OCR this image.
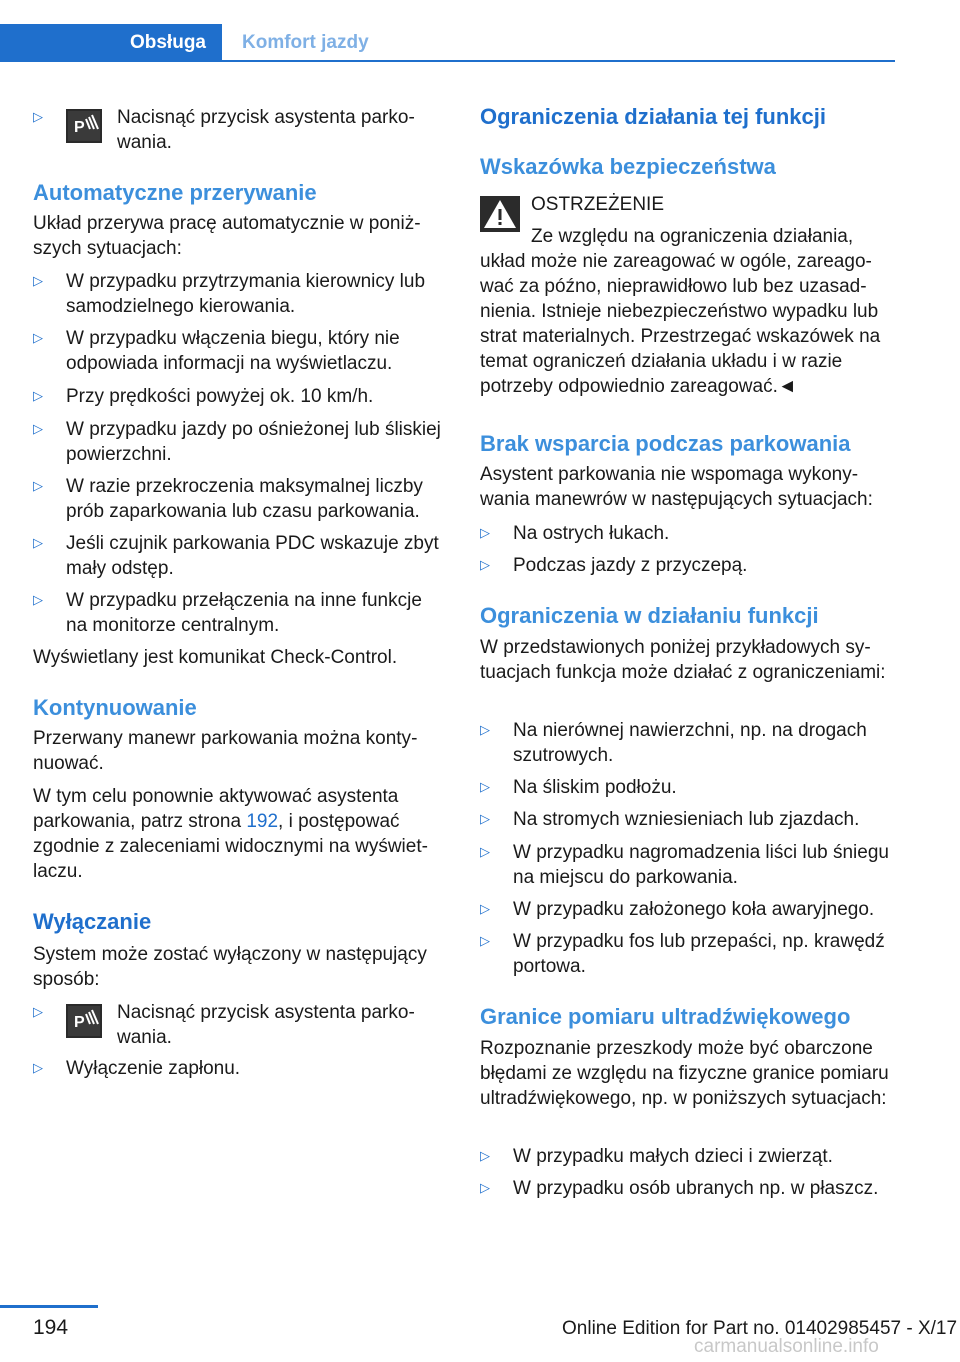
Obsługa	Komfort jazdy
▷
P Nacisnąć przycisk asystenta parkowania.
Automatyczne przerywanie
Układ przerywa pracę automatycznie w poniższych sytuacjach:
▷ W przypadku przytrzymania kierownicy lub samodzielnego kierowania.
▷ W przypadku włączenia biegu, który nie odpowiada informacji na wyświetlaczu.
▷ Przy prędkości powyżej ok. 10 km/h.
▷ W przypadku jazdy po ośnieżonej lub śliskiej powierzchni.
▷ W razie przekroczenia maksymalnej liczby prób zaparkowania lub czasu parkowania.
▷ Jeśli czujnik parkowania PDC wskazuje zbyt mały odstęp.
▷ W przypadku przełączenia na inne funkcje na monitorze centralnym.
Wyświetlany jest komunikat Check-Control.
Kontynuowanie
Przerwany manewr parkowania można kontynuować.
W tym celu ponownie aktywować asystenta parkowania, patrz strona 192, i postępować zgodnie z zaleceniami widocznymi na wyświetlaczu.
Wyłączanie
System może zostać wyłączony w następujący sposób:
▷
P Nacisnąć przycisk asystenta parkowania.
▷ Wyłączenie zapłonu.
Ograniczenia działania tej funkcji
Wskazówka bezpieczeństwa
OSTRZEŻENIE
Ze względu na ograniczenia działania,
układ może nie zareagować w ogóle, zareagować za późno, nieprawidłowo lub bez uzasadnienia. Istnieje niebezpieczeństwo wypadku lub strat materialnych. Przestrzegać wskazówek na temat ograniczeń działania układu i w razie potrzeby odpowiednio zareagować.◄
Brak wsparcia podczas parkowania
Asystent parkowania nie wspomaga wykonywania manewrów w następujących sytuacjach:
▷ Na ostrych łukach.
▷ Podczas jazdy z przyczepą.
Ograniczenia w działaniu funkcji
W przedstawionych poniżej przykładowych sytuacjach funkcja może działać z ograniczeniami:
▷ Na nierównej nawierzchni, np. na drogach szutrowych.
▷ Na śliskim podłożu.
▷ Na stromych wzniesieniach lub zjazdach.
▷ W przypadku nagromadzenia liści lub śniegu na miejscu do parkowania.
▷ W przypadku założonego koła awaryjnego.
▷ W przypadku fos lub przepaści, np. krawędź portowa.
Granice pomiaru ultradźwiękowego
Rozpoznanie przeszkody może być obarczone błędami ze względu na fizyczne granice pomiaru ultradźwiękowego, np. w poniższych sytuacjach:
▷ W przypadku małych dzieci i zwierząt.
▷ W przypadku osób ubranych np. w płaszcz.
194	Online Edition for Part no. 01402985457 - X/17
carmanualsonline.info
